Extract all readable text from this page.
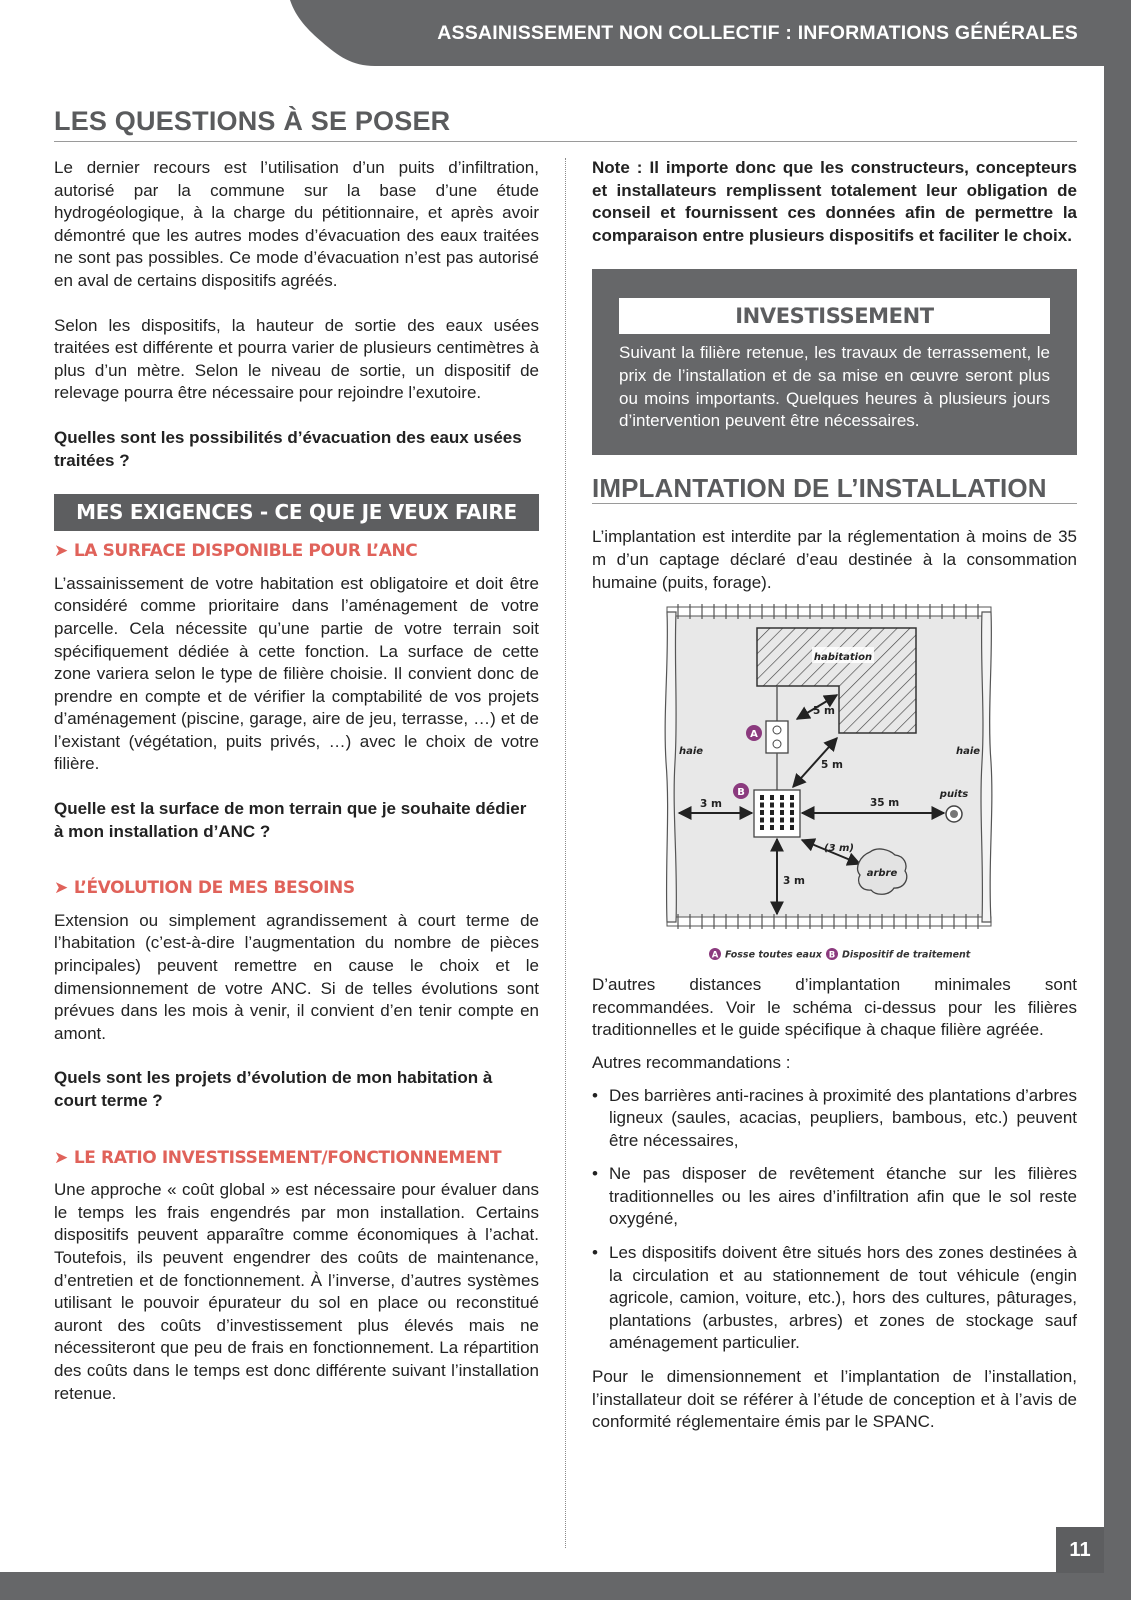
ASSAINISSEMENT NON COLLECTIF : INFORMATIONS GÉNÉRALES
LES QUESTIONS À SE POSER

Le dernier recours est l’utilisation d’un puits d’infiltration, autorisé par la commune sur la base d’une étude hydrogéologique, à la charge du pétitionnaire, et après avoir démontré que les autres modes d’évacuation des eaux traitées ne sont pas possibles. Ce mode d’évacuation n’est pas autorisé en aval de certains dispositifs agréés.

Selon les dispositifs, la hauteur de sortie des eaux usées traitées est différente et pourra varier de plusieurs centimètres à plus d’un mètre. Selon le niveau de sortie, un dispositif de relevage pourra être nécessaire pour rejoindre l’exutoire.

Quelles sont les possibilités d’évacuation des eaux usées traitées ?

MES EXIGENCES - CE QUE JE VEUX FAIRE
➤ LA SURFACE DISPONIBLE POUR L’ANC

L’assainissement de votre habitation est obligatoire et doit être considéré comme prioritaire dans l’aménagement de votre parcelle. Cela nécessite qu’une partie de votre terrain soit spécifiquement dédiée à cette fonction. La surface de cette zone variera selon le type de filière choisie. Il convient donc de prendre en compte et de vérifier la comptabilité de vos projets d’aménagement (piscine, garage, aire de jeu, terrasse, …) et de l’existant (végétation, puits privés, …) avec le choix de votre filière.

Quelle est la surface de mon terrain que je souhaite dédier à mon installation d’ANC ?

➤ L’ÉVOLUTION DE MES BESOINS

Extension ou simplement agrandissement à court terme de l’habitation (c’est-à-dire l’augmentation du nombre de pièces principales) peuvent remettre en cause le choix et le dimensionnement de votre ANC. Si de telles évolutions sont prévues dans les mois à venir, il convient d’en tenir compte en amont.

Quels sont les projets d’évolution de mon habitation à court terme ?

➤ LE RATIO INVESTISSEMENT/FONCTIONNEMENT

Une approche « coût global » est nécessaire pour évaluer dans le temps les frais engendrés par mon installation. Certains dispositifs peuvent apparaître comme économiques à l’achat. Toutefois, ils peuvent engendrer des coûts de maintenance, d’entretien et de fonctionnement. À l’inverse, d’autres systèmes utilisant le pouvoir épurateur du sol en place ou reconstitué auront des coûts d’investissement plus élevés mais ne nécessiteront que peu de frais en fonctionnement. La répartition des coûts dans le temps est donc différente suivant l’installation retenue.

Note : Il importe donc que les constructeurs, concepteurs et installateurs remplissent totalement leur obligation de conseil et fournissent ces données afin de permettre la comparaison entre plusieurs dispositifs et faciliter le choix.

INVESTISSEMENT

Suivant la filière retenue, les travaux de terrassement, le prix de l’installation et de sa mise en œuvre seront plus ou moins importants. Quelques heures à plusieurs jours d’intervention peuvent être nécessaires.

IMPLANTATION DE L’INSTALLATION

L’implantation est interdite par la réglementation à moins de 35 m d’un captage déclaré d’eau destinée à la consommation humaine (puits, forage).

habitation
A
B
5 m
5 m
3 m	35 m
(3 m)
3 m
puits
arbre
haie	haie
A Fosse toutes eaux B Dispositif de traitement

D’autres distances d’implantation minimales sont recommandées. Voir le schéma ci-dessus pour les filières traditionnelles et le guide spécifique à chaque filière agréée.

Autres recommandations :

• Des barrières anti-racines à proximité des plantations d’arbres ligneux (saules, acacias, peupliers, bambous, etc.) peuvent être nécessaires,
• Ne pas disposer de revêtement étanche sur les filières traditionnelles ou les aires d’infiltration afin que le sol reste oxygéné,
• Les dispositifs doivent être situés hors des zones destinées à la circulation et au stationnement de tout véhicule (engin agricole, camion, voiture, etc.), hors des cultures, pâturages, plantations (arbustes, arbres) et zones de stockage sauf aménagement particulier.

Pour le dimensionnement et l’implantation de l’installation, l’installateur doit se référer à l’étude de conception et à l’avis de conformité réglementaire émis par le SPANC.

11
